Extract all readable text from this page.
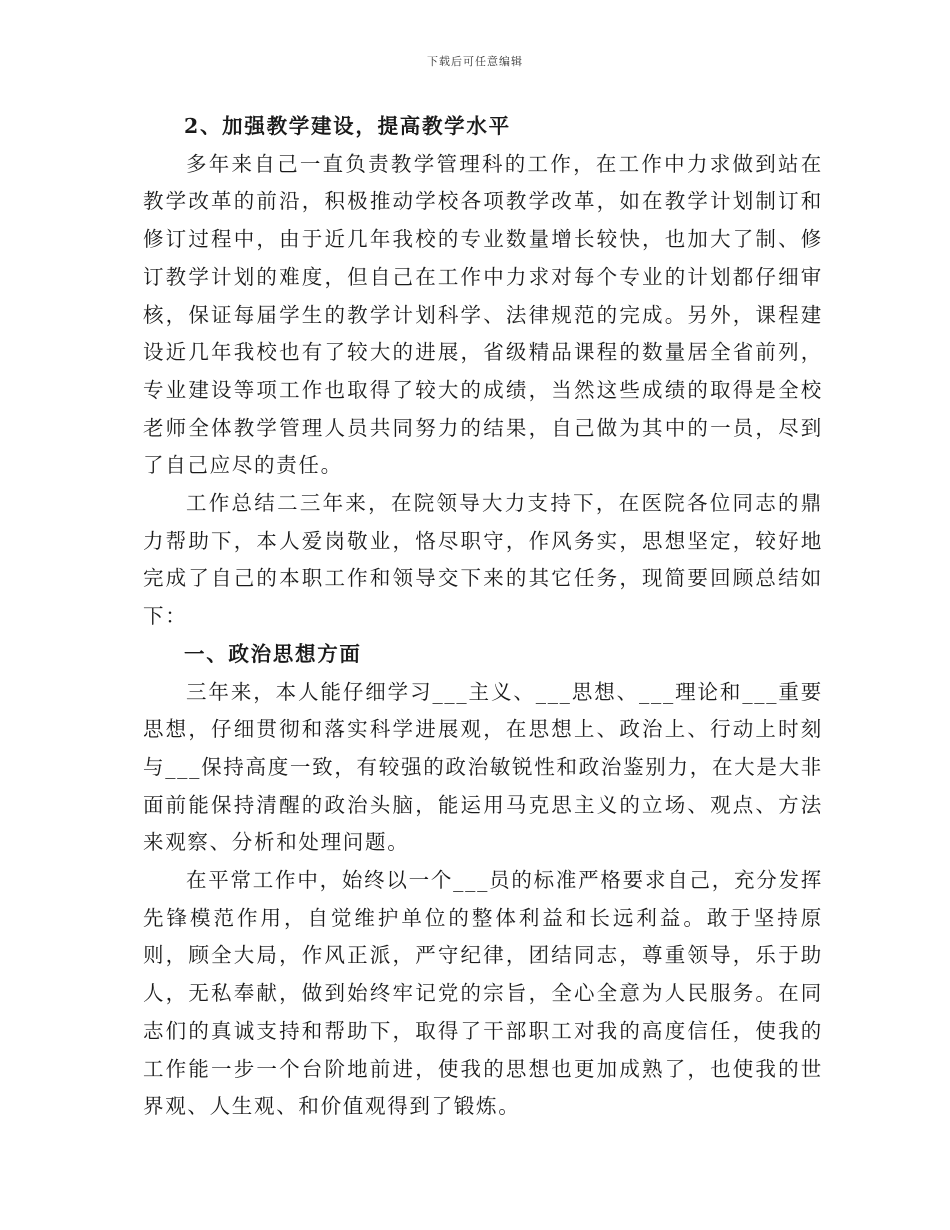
下载后可任意编辑
2、加强教学建设，提高教学水平

多年来自己一直负责教学管理科的工作，在工作中力求做到站在教学改革的前沿，积极推动学校各项教学改革，如在教学计划制订和修订过程中，由于近几年我校的专业数量增长较快，也加大了制、修订教学计划的难度，但自己在工作中力求对每个专业的计划都仔细审核，保证每届学生的教学计划科学、法律规范的完成。另外，课程建设近几年我校也有了较大的进展，省级精品课程的数量居全省前列，专业建设等项工作也取得了较大的成绩，当然这些成绩的取得是全校老师全体教学管理人员共同努力的结果，自己做为其中的一员，尽到了自己应尽的责任。

工作总结二三年来，在院领导大力支持下，在医院各位同志的鼎力帮助下，本人爱岗敬业，恪尽职守，作风务实，思想坚定，较好地完成了自己的本职工作和领导交下来的其它任务，现简要回顾总结如下：

一、政治思想方面

三年来，本人能仔细学习___主义、___思想、___理论和___重要思想，仔细贯彻和落实科学进展观，在思想上、政治上、行动上时刻与___保持高度一致，有较强的政治敏锐性和政治鉴别力，在大是大非面前能保持清醒的政治头脑，能运用马克思主义的立场、观点、方法来观察、分析和处理问题。

在平常工作中，始终以一个___员的标准严格要求自己，充分发挥先锋模范作用，自觉维护单位的整体利益和长远利益。敢于坚持原则，顾全大局，作风正派，严守纪律，团结同志，尊重领导，乐于助人，无私奉献，做到始终牢记党的宗旨，全心全意为人民服务。在同志们的真诚支持和帮助下，取得了干部职工对我的高度信任，使我的工作能一步一个台阶地前进，使我的思想也更加成熟了，也使我的世界观、人生观、和价值观得到了锻炼。
